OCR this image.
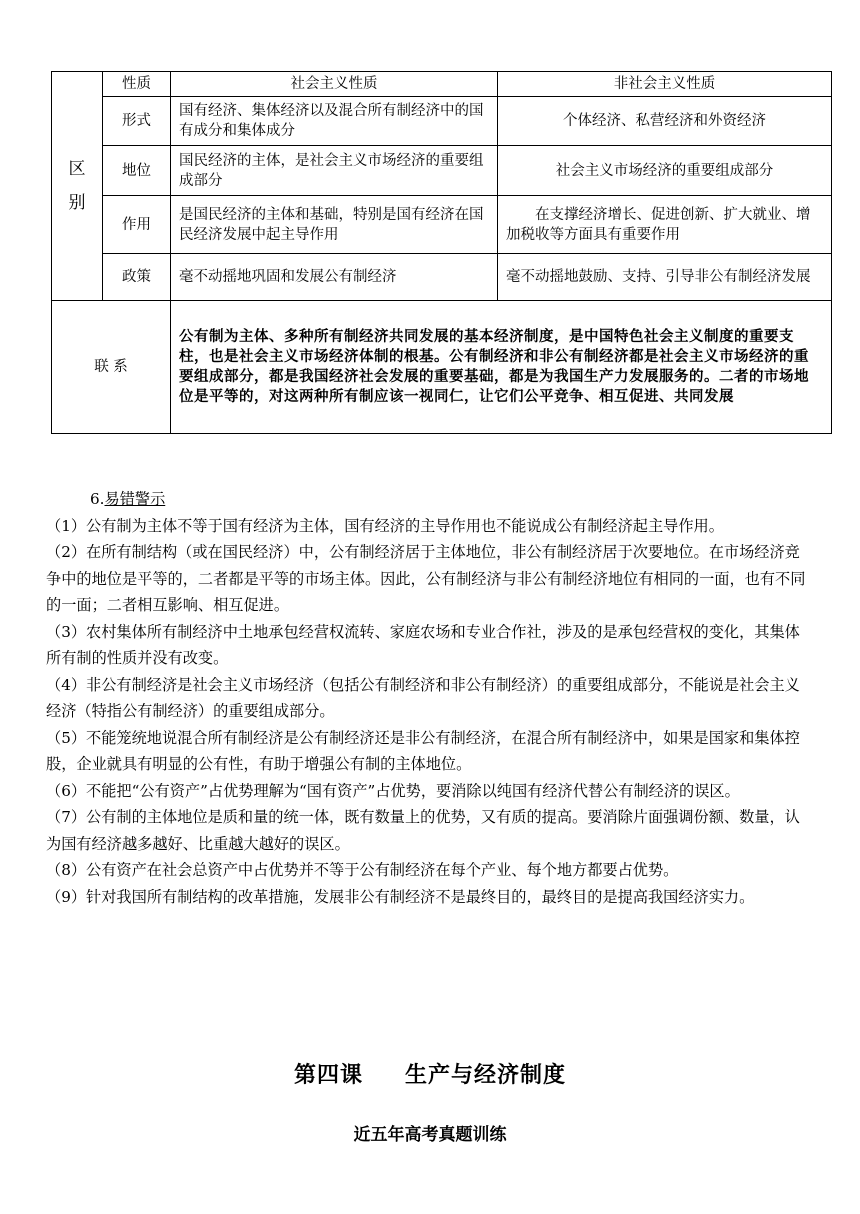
区
别	性质	社会主义性质	非社会主义性质
	形式	国有经济、集体经济以及混合所有制经济中的国有成分和集体成分	个体经济、私营经济和外资经济
	地位	国民经济的主体，是社会主义市场经济的重要组成部分	社会主义市场经济的重要组成部分
	作用	是国民经济的主体和基础，特别是国有经济在国民经济发展中起主导作用	在支撑经济增长、促进创新、扩大就业、增加税收等方面具有重要作用
	政策	毫不动摇地巩固和发展公有制经济	毫不动摇地鼓励、支持、引导非公有制经济发展
联 系		公有制为主体、多种所有制经济共同发展的基本经济制度，是中国特色社会主义制度的重要支柱，也是社会主义市场经济体制的根基。公有制经济和非公有制经济都是社会主义市场经济的重要组成部分，都是我国经济社会发展的重要基础，都是为我国生产力发展服务的。二者的市场地位是平等的，对这两种所有制应该一视同仁，让它们公平竞争、相互促进、共同发展	
6.易错警示

（1）公有制为主体不等于国有经济为主体，国有经济的主导作用也不能说成公有制经济起主导作用。

（2）在所有制结构（或在国民经济）中，公有制经济居于主体地位，非公有制经济居于次要地位。在市场经济竞争中的地位是平等的，二者都是平等的市场主体。因此，公有制经济与非公有制经济地位有相同的一面，也有不同的一面；二者相互影响、相互促进。

（3）农村集体所有制经济中土地承包经营权流转、家庭农场和专业合作社，涉及的是承包经营权的变化，其集体所有制的性质并没有改变。

（4）非公有制经济是社会主义市场经济（包括公有制经济和非公有制经济）的重要组成部分，不能说是社会主义经济（特指公有制经济）的重要组成部分。

（5）不能笼统地说混合所有制经济是公有制经济还是非公有制经济，在混合所有制经济中，如果是国家和集体控股，企业就具有明显的公有性，有助于增强公有制的主体地位。

（6）不能把“公有资产”占优势理解为“国有资产”占优势，要消除以纯国有经济代替公有制经济的误区。

（7）公有制的主体地位是质和量的统一体，既有数量上的优势，又有质的提高。要消除片面强调份额、数量，认为国有经济越多越好、比重越大越好的误区。

（8）公有资产在社会总资产中占优势并不等于公有制经济在每个产业、每个地方都要占优势。

（9）针对我国所有制结构的改革措施，发展非公有制经济不是最终目的，最终目的是提高我国经济实力。

第四课 生产与经济制度
近五年高考真题训练
